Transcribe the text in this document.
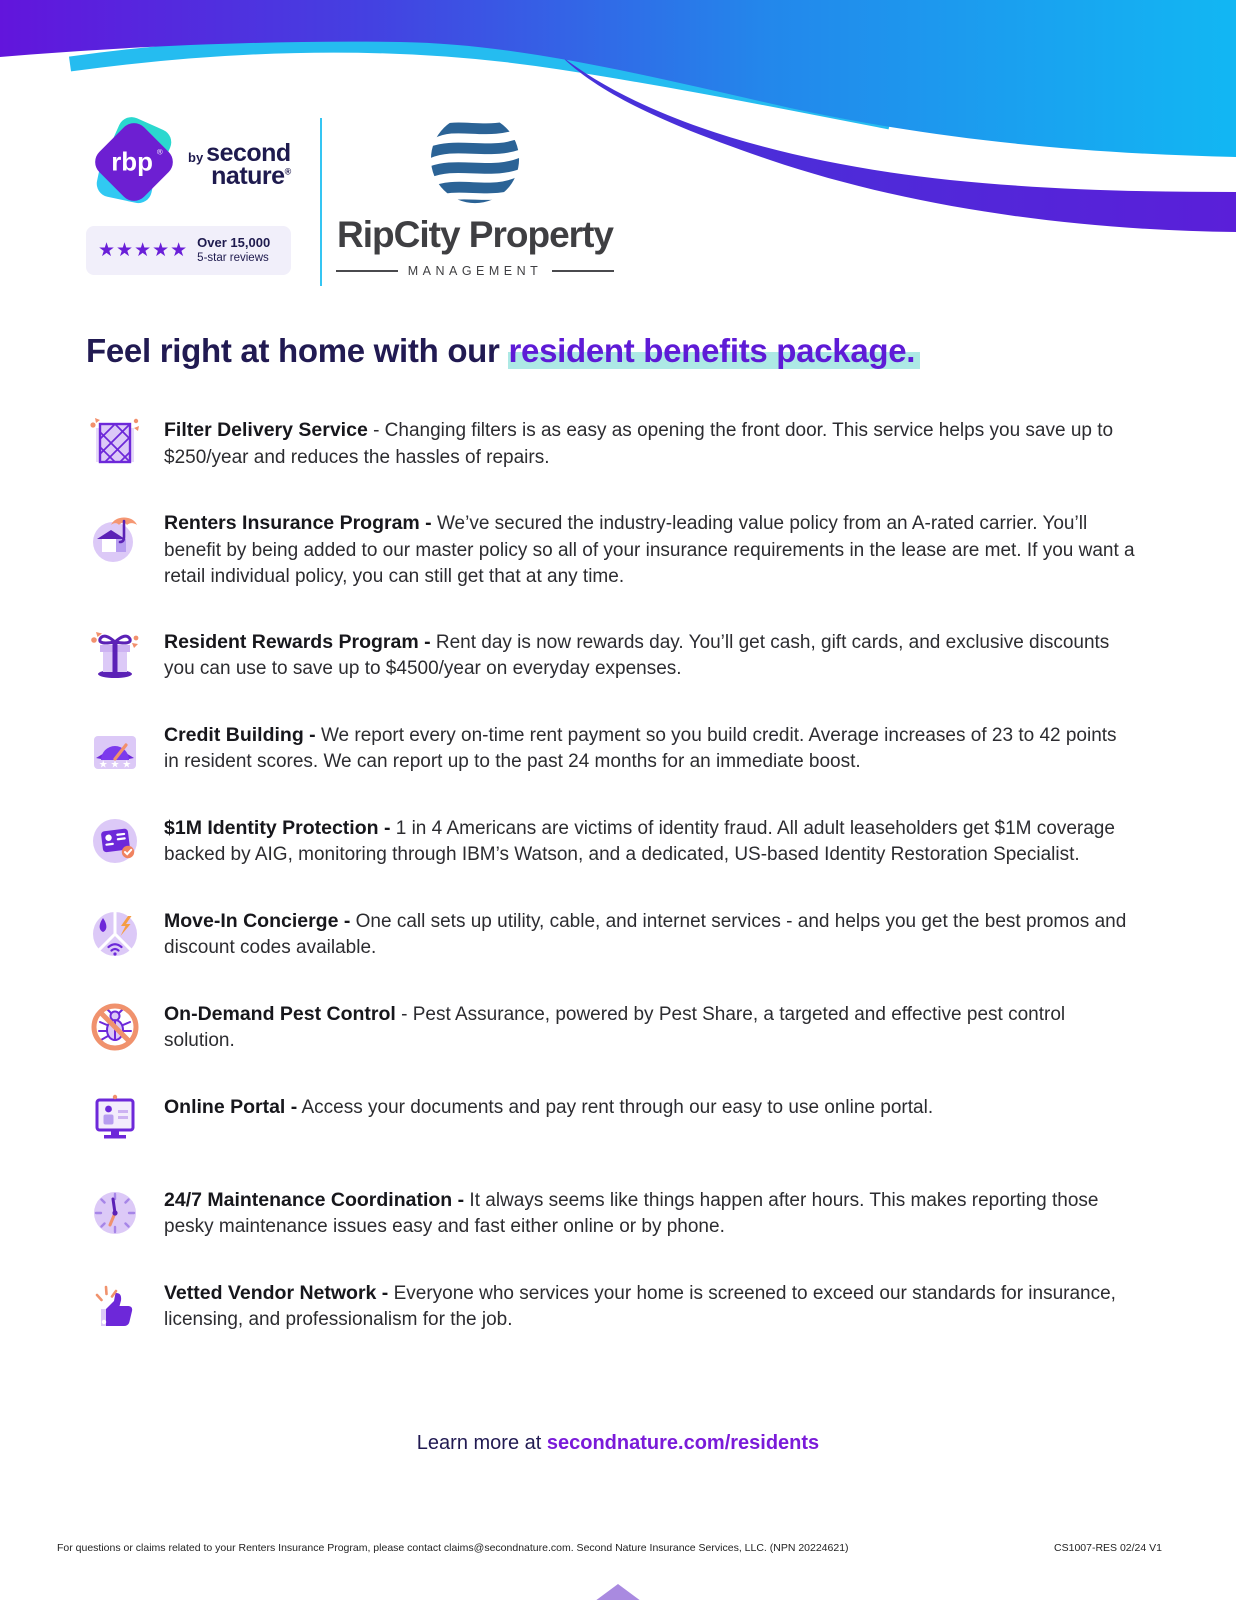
rbp ® by second
nature®
★★★★★ Over 15,000
5-star reviews
RipCity Property
MANAGEMENT
Feel right at home with our resident benefits package.

Filter Delivery Service - Changing filters is as easy as opening the front door. This service helps you save up to $250/year and reduces the hassles of repairs.

Renters Insurance Program - We’ve secured the industry-leading value policy from an A-rated carrier. You’ll benefit by being added to our master policy so all of your insurance requirements in the lease are met. If you want a retail individual policy, you can still get that at any time.

Resident Rewards Program - Rent day is now rewards day. You’ll get cash, gift cards, and exclusive discounts you can use to save up to $4500/year on everyday expenses.

★ ★ ★

Credit Building - We report every on-time rent payment so you build credit. Average increases of 23 to 42 points in resident scores. We can report up to the past 24 months for an immediate boost.

$1M Identity Protection - 1 in 4 Americans are victims of identity fraud. All adult leaseholders get $1M coverage backed by AIG, monitoring through IBM’s Watson, and a dedicated, US-based Identity Restoration Specialist.

Move-In Concierge - One call sets up utility, cable, and internet services - and helps you get the best promos and discount codes available.

On-Demand Pest Control - Pest Assurance, powered by Pest Share, a targeted and effective pest control solution.

Online Portal - Access your documents and pay rent through our easy to use online portal.

24/7 Maintenance Coordination - It always seems like things happen after hours. This makes reporting those pesky maintenance issues easy and fast either online or by phone.

Vetted Vendor Network - Everyone who services your home is screened to exceed our standards for insurance, licensing, and professionalism for the job.

Learn more at secondnature.com/residents
For questions or claims related to your Renters Insurance Program, please contact claims@secondnature.com. Second Nature Insurance Services, LLC. (NPN 20224621)	CS1007-RES 02/24 V1
